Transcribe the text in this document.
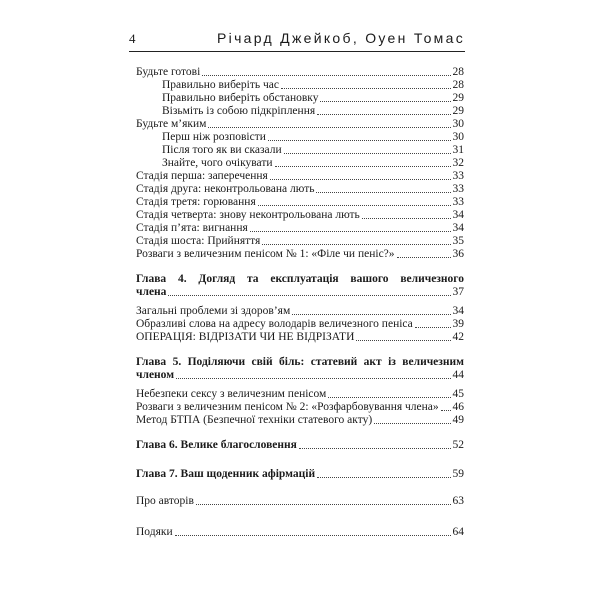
4	Річард Джейкоб, Оуен Томас
Будьте готові	28
Правильно виберіть час	28
Правильно виберіть обстановку	29
Візьміть із собою підкріплення	29
Будьте м’яким	30
Перш ніж розповісти	30
Після того як ви сказали	31
Знайте, чого очікувати	32
Стадія перша: заперечення	33
Стадія друга: неконтрольована лють	33
Стадія третя: горювання	33
Стадія четверта: знову неконтрольована лють	34
Стадія п’ята: вигнання	34
Стадія шоста: Прийняття	35
Розваги з величезним пенісом № 1: «Філе чи пеніс?»	36
Глава 4. Догляд та експлуатація вашого величезного
члена	37
Загальні проблеми зі здоров’ям	34
Образливі слова на адресу володарів величезного пеніса	39
ОПЕРАЦІЯ: ВІДРІЗАТИ ЧИ НЕ ВІДРІЗАТИ	42
Глава 5. Поділяючи свій біль: статевий акт із величезним
членом	44
Небезпеки сексу з величезним пенісом	45
Розваги з величезним пенісом № 2: «Розфарбовування члена» 46
Метод БТПА (Безпечної техніки статевого акту)	49
Глава 6. Велике благословення	52
Глава 7. Ваш щоденник афірмацій	59
Про авторів	63
Подяки	64
